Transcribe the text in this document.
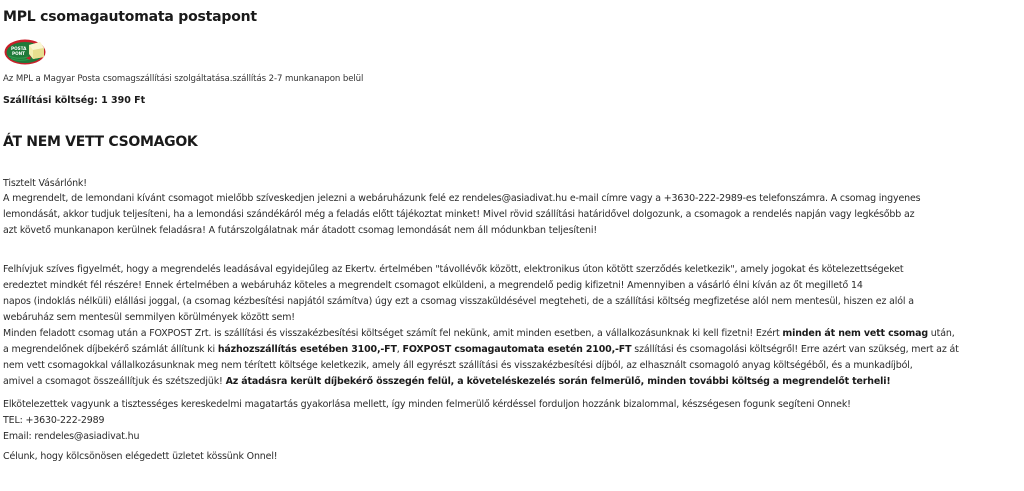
MPL csomagautomata postapont
POSTA
PONT
Az MPL a Magyar Posta csomagszállítási szolgáltatása.szállítás 2-7 munkanapon belül
Szállítási költség: 1 390 Ft
ÁT NEM VETT CSOMAGOK
Tisztelt Vásárlónk!
A megrendelt, de lemondani kívánt csomagot mielőbb szíveskedjen jelezni a webáruházunk felé ez rendeles@asiadivat.hu e-mail címre vagy a +3630-222-2989-es telefonszámra. A csomag ingyenes
lemondását, akkor tudjuk teljesíteni, ha a lemondási szándékáról még a feladás előtt tájékoztat minket! Mivel rövid szállítási határidővel dolgozunk, a csomagok a rendelés napján vagy legkésőbb az
azt követő munkanapon kerülnek feladásra! A futárszolgálatnak már átadott csomag lemondását nem áll módunkban teljesíteni!
Felhívjuk szíves figyelmét, hogy a megrendelés leadásával egyidejűleg az Ekertv. értelmében "távollévők között, elektronikus úton kötött szerződés keletkezik", amely jogokat és kötelezettségeket
eredeztet mindkét fél részére! Ennek értelmében a webáruház köteles a megrendelt csomagot elküldeni, a megrendelő pedig kifizetni! Amennyiben a vásárló élni kíván az őt megillető 14
napos (indoklás nélküli) elállási joggal, (a csomag kézbesítési napjától számítva) úgy ezt a csomag visszaküldésével megteheti, de a szállítási költség megfizetése alól nem mentesül, hiszen ez alól a
webáruház sem mentesül semmilyen körülmények között sem!
Minden feladott csomag után a FOXPOST Zrt. is szállítási és visszakézbesítési költséget számít fel nekünk, amit minden esetben, a vállalkozásunknak ki kell fizetni! Ezért minden át nem vett csomag után,
a megrendelőnek díjbekérő számlát állítunk ki házhozszállítás esetében 3100,-FT, FOXPOST csomagautomata esetén 2100,-FT szállítási és csomagolási költségről! Erre azért van szükség, mert az át
nem vett csomagokkal vállalkozásunknak meg nem térített költsége keletkezik, amely áll egyrészt szállítási és visszakézbesítési díjból, az elhasznált csomagoló anyag költségéből, és a munkadíjból,
amivel a csomagot összeállítjuk és szétszedjük! Az átadásra került díjbekérő összegén felül, a követeléskezelés során felmerülő, minden további költség a megrendelőt terheli!
Elkötelezettek vagyunk a tisztességes kereskedelmi magatartás gyakorlása mellett, így minden felmerülő kérdéssel forduljon hozzánk bizalommal, készségesen fogunk segíteni Önnek!
TEL: +3630-222-2989
Email: rendeles@asiadivat.hu
Célunk, hogy kölcsönösen elégedett üzletet kössünk Önnel!
